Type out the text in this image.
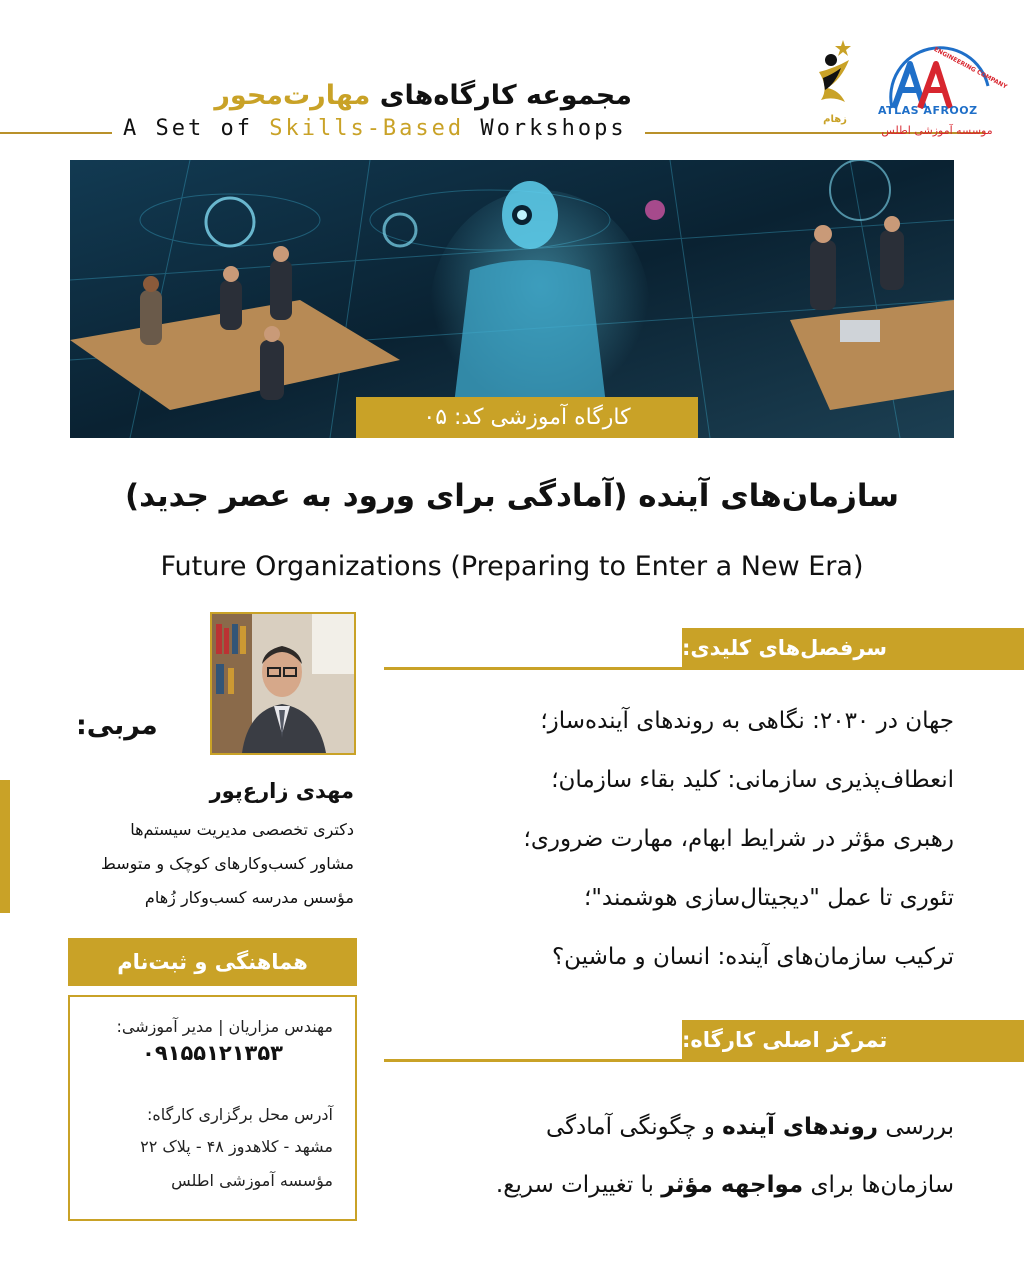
مجموعه کارگاه‌های مهارت‌محور
A Set of Skills-Based Workshops	زهام
ATLAS AFROOZ
ENGINEERING COMPANY
موسسه آموزشی اطلس
کارگاه آموزشی کد: ۰۵
سازمان‌های آینده (آمادگی برای ورود به عصر جدید)
Future Organizations (Preparing to Enter a New Era)
سرفصل‌های کلیدی:
جهان در ۲۰۳۰: نگاهی به روندهای آینده‌ساز؛
انعطاف‌پذیری سازمانی: کلید بقاء سازمان؛
رهبری مؤثر در شرایط ابهام، مهارت ضروری؛
تئوری تا عمل "دیجیتال‌سازی هوشمند"؛
ترکیب سازمان‌های آینده: انسان و ماشین؟
تمرکز اصلی کارگاه:
بررسی روندهای آینده و چگونگی آمادگی
سازمان‌ها برای مواجهه مؤثر با تغییرات سریع.
مربی:
مهدی زارع‌پور
دکتری تخصصی مدیریت سیستم‌ها
مشاور کسب‌وکارهای کوچک و متوسط
مؤسس مدرسه کسب‌وکار زُهام
هماهنگی و ثبت‌نام
مهندس مزاریان | مدیر آموزشی:
۰۹۱۵۵۱۲۱۳۵۳
آدرس محل برگزاری کارگاه:
مشهد - کلاهدوز ۴۸ - پلاک ۲۲
مؤسسه آموزشی اطلس
